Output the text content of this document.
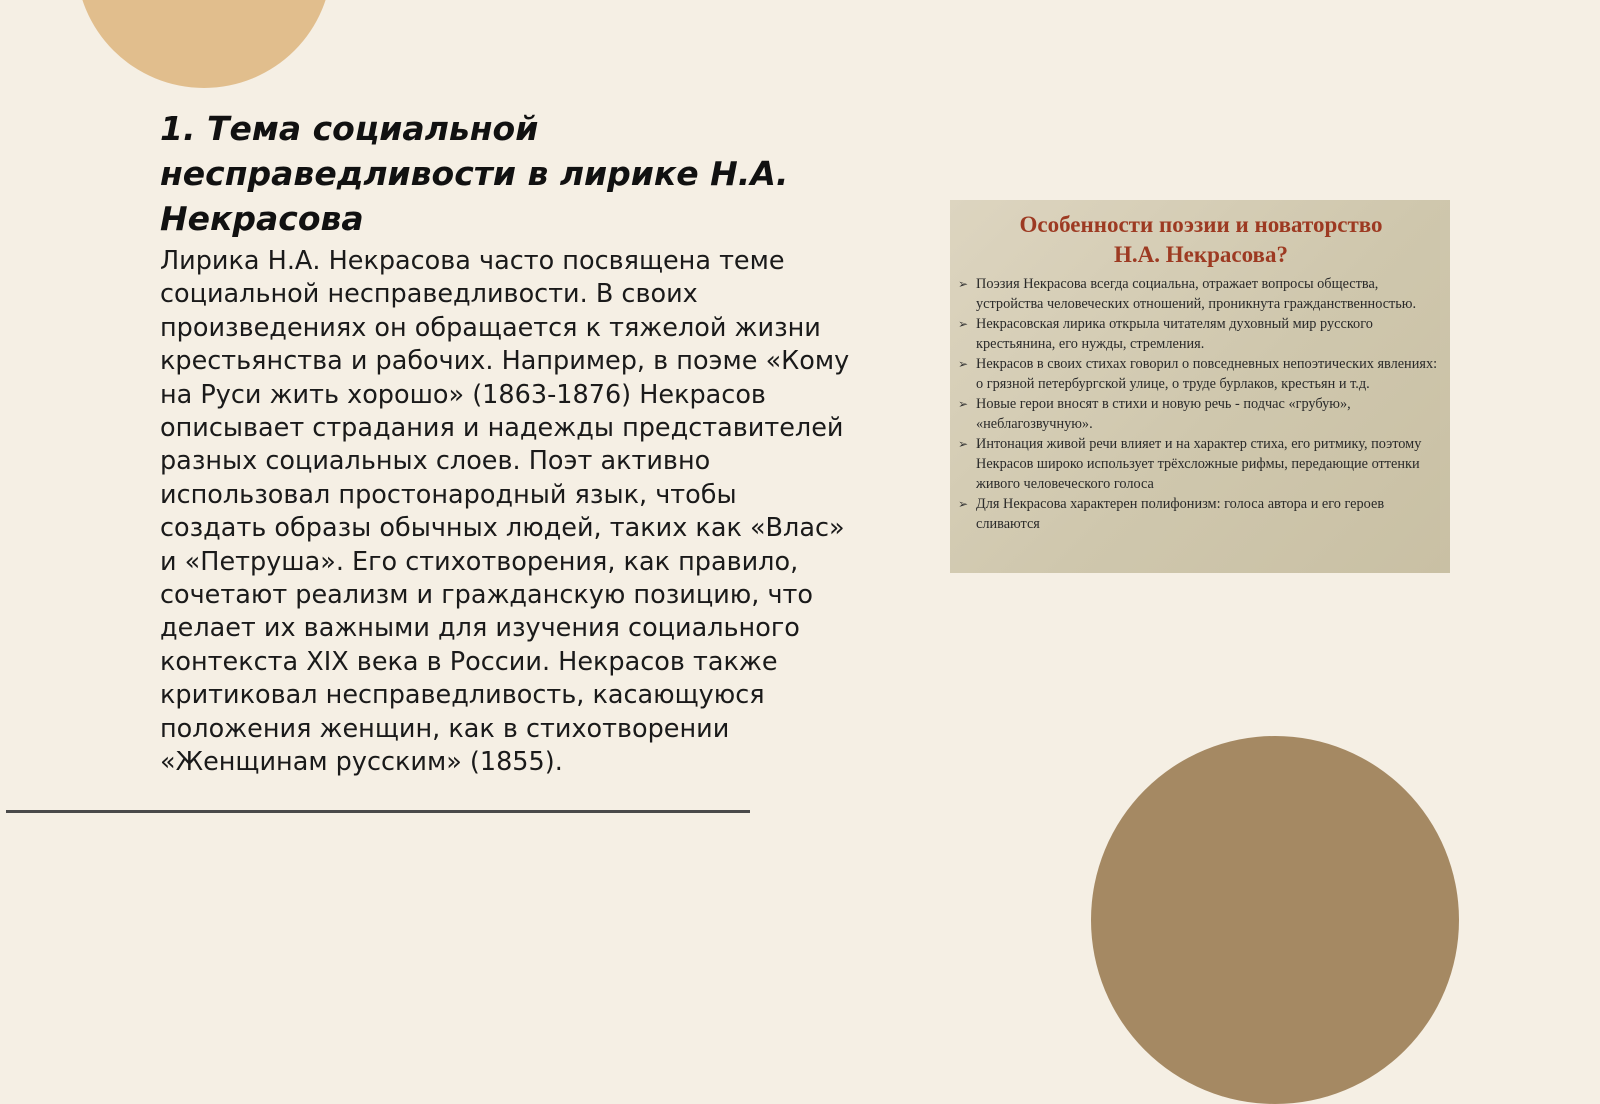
1. Тема социальной несправедливости в лирике Н.А. Некрасова

Лирика Н.А. Некрасова часто посвящена теме социальной несправедливости. В своих произведениях он обращается к тяжелой жизни крестьянства и рабочих. Например, в поэме «Кому на Руси жить хорошо» (1863-1876) Некрасов описывает страдания и надежды представителей разных социальных слоев. Поэт активно использовал простонародный язык, чтобы создать образы обычных людей, таких как «Влас» и «Петруша». Его стихотворения, как правило, сочетают реализм и гражданскую позицию, что делает их важными для изучения социального контекста XIX века в России. Некрасов также критиковал несправедливость, касающуюся положения женщин, как в стихотворении «Женщинам русским» (1855).

Особенности поэзии и новаторство
Н.А. Некрасова?
➢ Поэзия Некрасова всегда социальна, отражает вопросы общества, устройства человеческих отношений, проникнута гражданственностью.
➢ Некрасовская лирика открыла читателям духовный мир русского крестьянина, его нужды, стремления.
➢ Некрасов в своих стихах говорил о повседневных непоэтических явлениях: о грязной петербургской улице, о труде бурлаков, крестьян и т.д.
➢ Новые герои вносят в стихи и новую речь - подчас «грубую», «неблагозвучную».
➢ Интонация живой речи влияет и на характер стиха, его ритмику, поэтому Некрасов широко использует трёхсложные рифмы, передающие оттенки живого человеческого голоса
➢ Для Некрасова характерен полифонизм: голоса автора и его героев сливаются
